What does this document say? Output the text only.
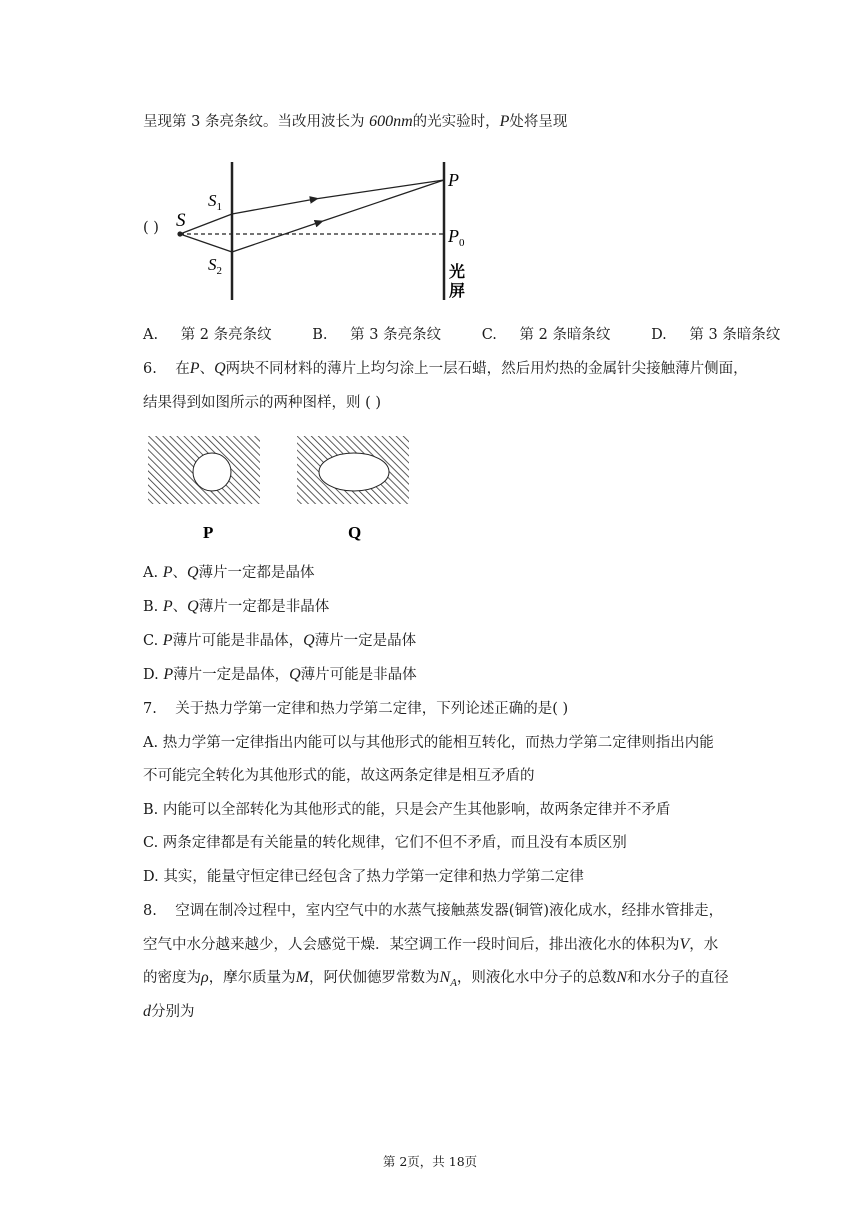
呈现第 3 条亮条纹。当改用波长为 600nm的光实验时，P处将呈现
( ) S
$S_1$
$S_2$
P
$P_0$
光
屏
A. 第 2 条亮条纹	B. 第 3 条亮条纹	C. 第 2 条暗条纹	D. 第 3 条暗条纹
6. 在P、Q两块不同材料的薄片上均匀涂上一层石蜡，然后用灼热的金属针尖接触薄片侧面，
结果得到如图所示的两种图样，则 ( )
P	Q
A. P、Q薄片一定都是晶体
B. P、Q薄片一定都是非晶体
C. P薄片可能是非晶体，Q薄片一定是晶体
D. P薄片一定是晶体，Q薄片可能是非晶体
7. 关于热力学第一定律和热力学第二定律，下列论述正确的是( )
A. 热力学第一定律指出内能可以与其他形式的能相互转化，而热力学第二定律则指出内能
不可能完全转化为其他形式的能，故这两条定律是相互矛盾的
B. 内能可以全部转化为其他形式的能，只是会产生其他影响，故两条定律并不矛盾
C. 两条定律都是有关能量的转化规律，它们不但不矛盾，而且没有本质区别
D. 其实，能量守恒定律已经包含了热力学第一定律和热力学第二定律
8. 空调在制冷过程中，室内空气中的水蒸气接触蒸发器(铜管)液化成水，经排水管排走，
空气中水分越来越少，人会感觉干燥．某空调工作一段时间后，排出液化水的体积为V，水
的密度为ρ，摩尔质量为M，阿伏伽德罗常数为$N_A$，则液化水中分子的总数N和水分子的直径
d分别为
第 2页，共 18页
